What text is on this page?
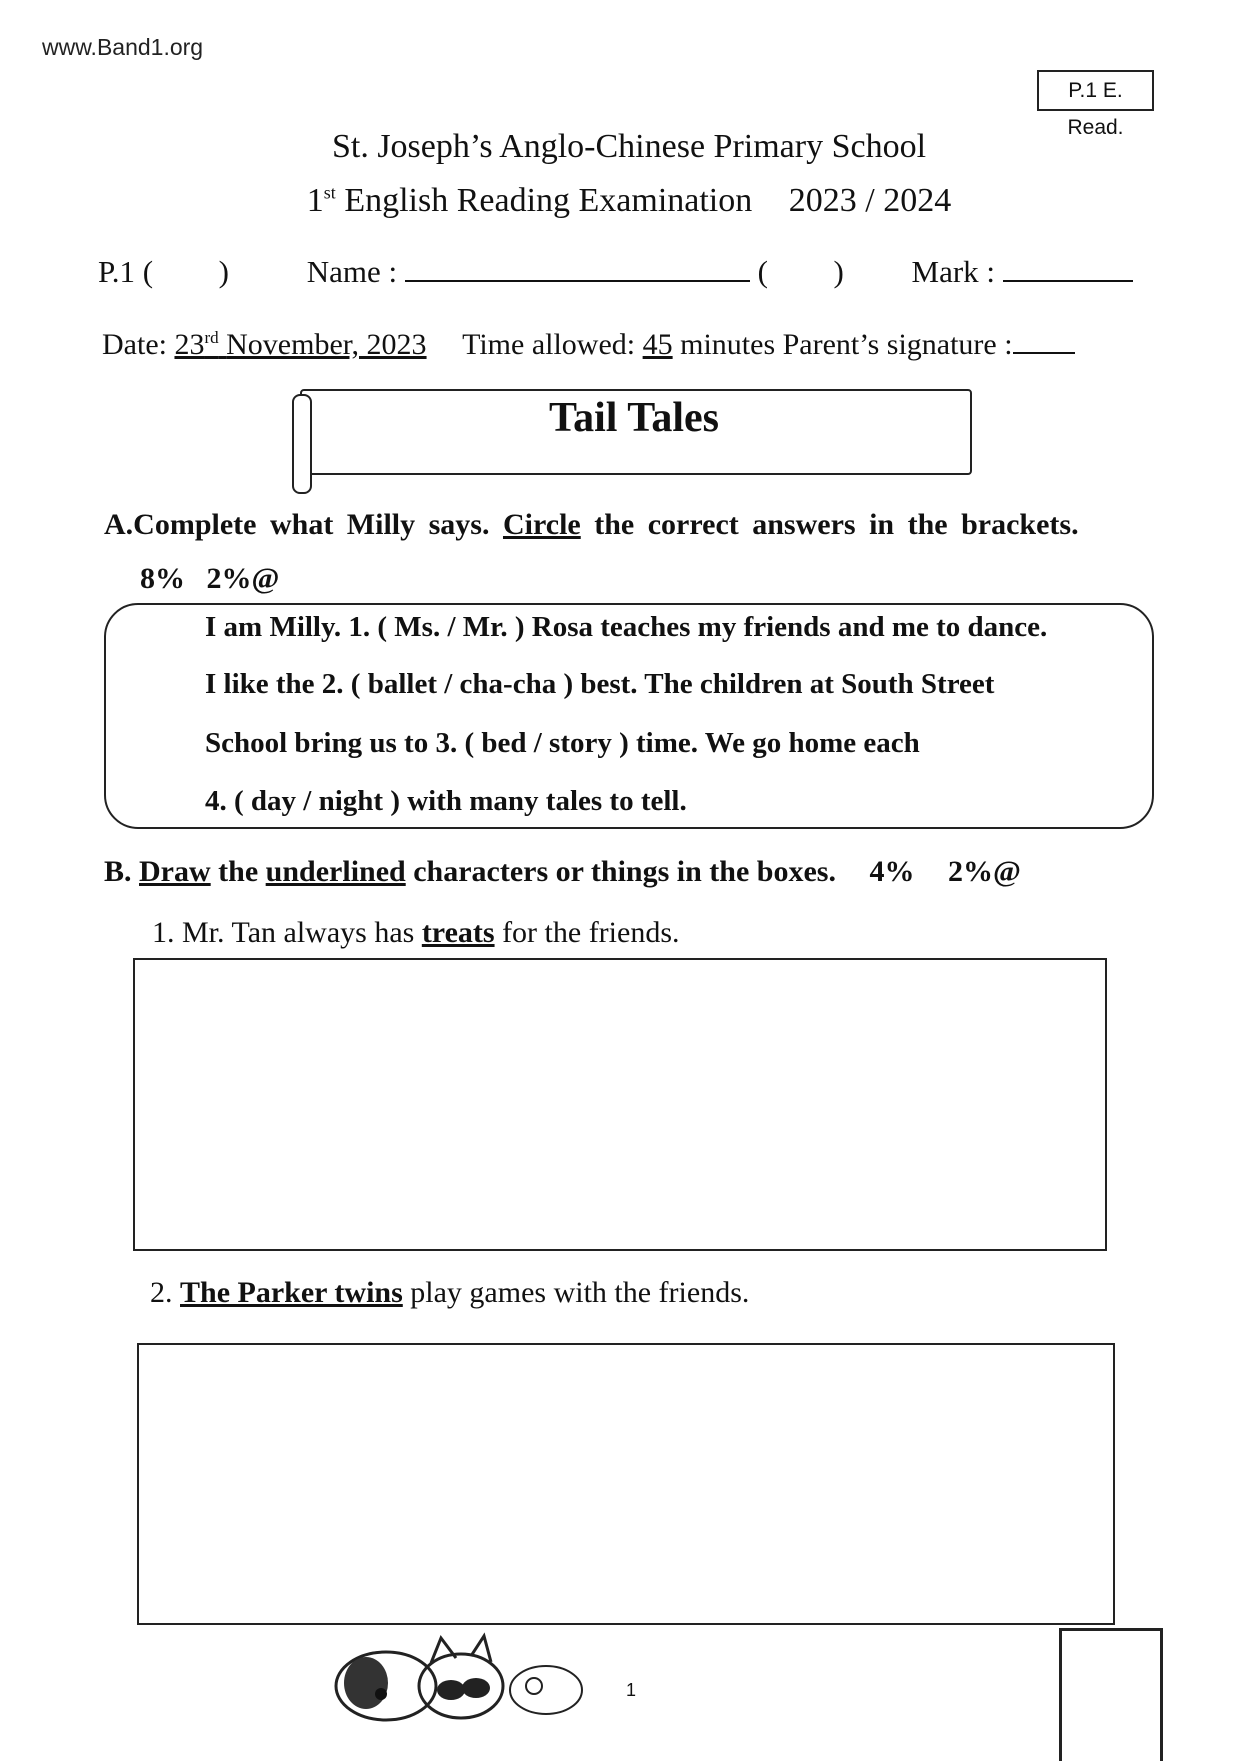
www.Band1.org
P.1 E. Read.
St. Joseph’s Anglo-Chinese Primary School
1st English Reading Examination 2023 / 2024
P.1 ( )	Name :	( ) Mark :
Date: 23rd November, 2023 Time allowed: 45 minutes Parent’s signature :
Tail Tales
A.Complete what Milly says. Circle the correct answers in the brackets.
8% 2%@
I am Milly. 1. ( Ms. / Mr. ) Rosa teaches my friends and me to dance.
I like the 2. ( ballet / cha-cha ) best. The children at South Street
School bring us to 3. ( bed / story ) time. We go home each
4. ( day / night ) with many tales to tell.
B. Draw the underlined characters or things in the boxes. 4% 2%@
1. Mr. Tan always has treats for the friends.
2. The Parker twins play games with the friends.
1
